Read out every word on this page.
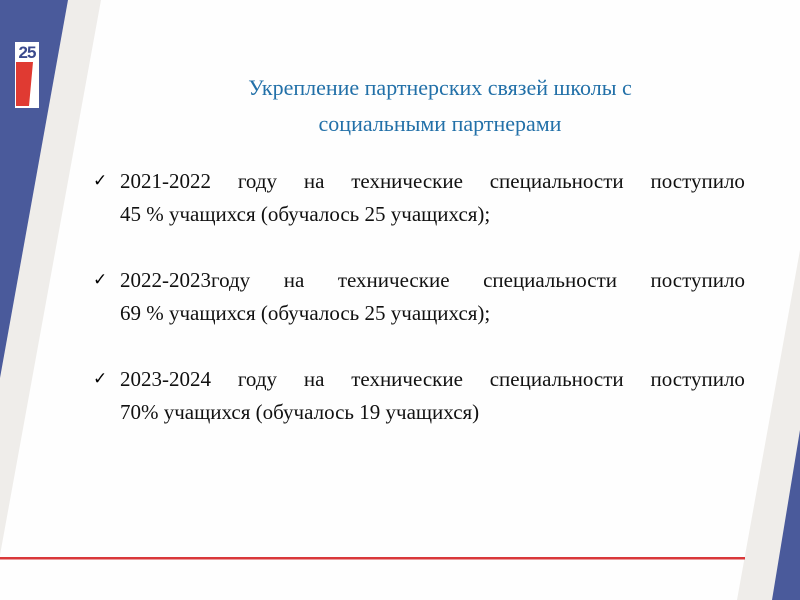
25
Укрепление партнерских связей школы с
социальными партнерами
✓ 2021-2022 году на технические специальности поступило
45 % учащихся (обучалось 25 учащихся);
✓ 2022-2023году на технические специальности поступило
69 % учащихся (обучалось 25 учащихся);
✓ 2023-2024 году на технические специальности поступило
70% учащихся (обучалось 19 учащихся)
